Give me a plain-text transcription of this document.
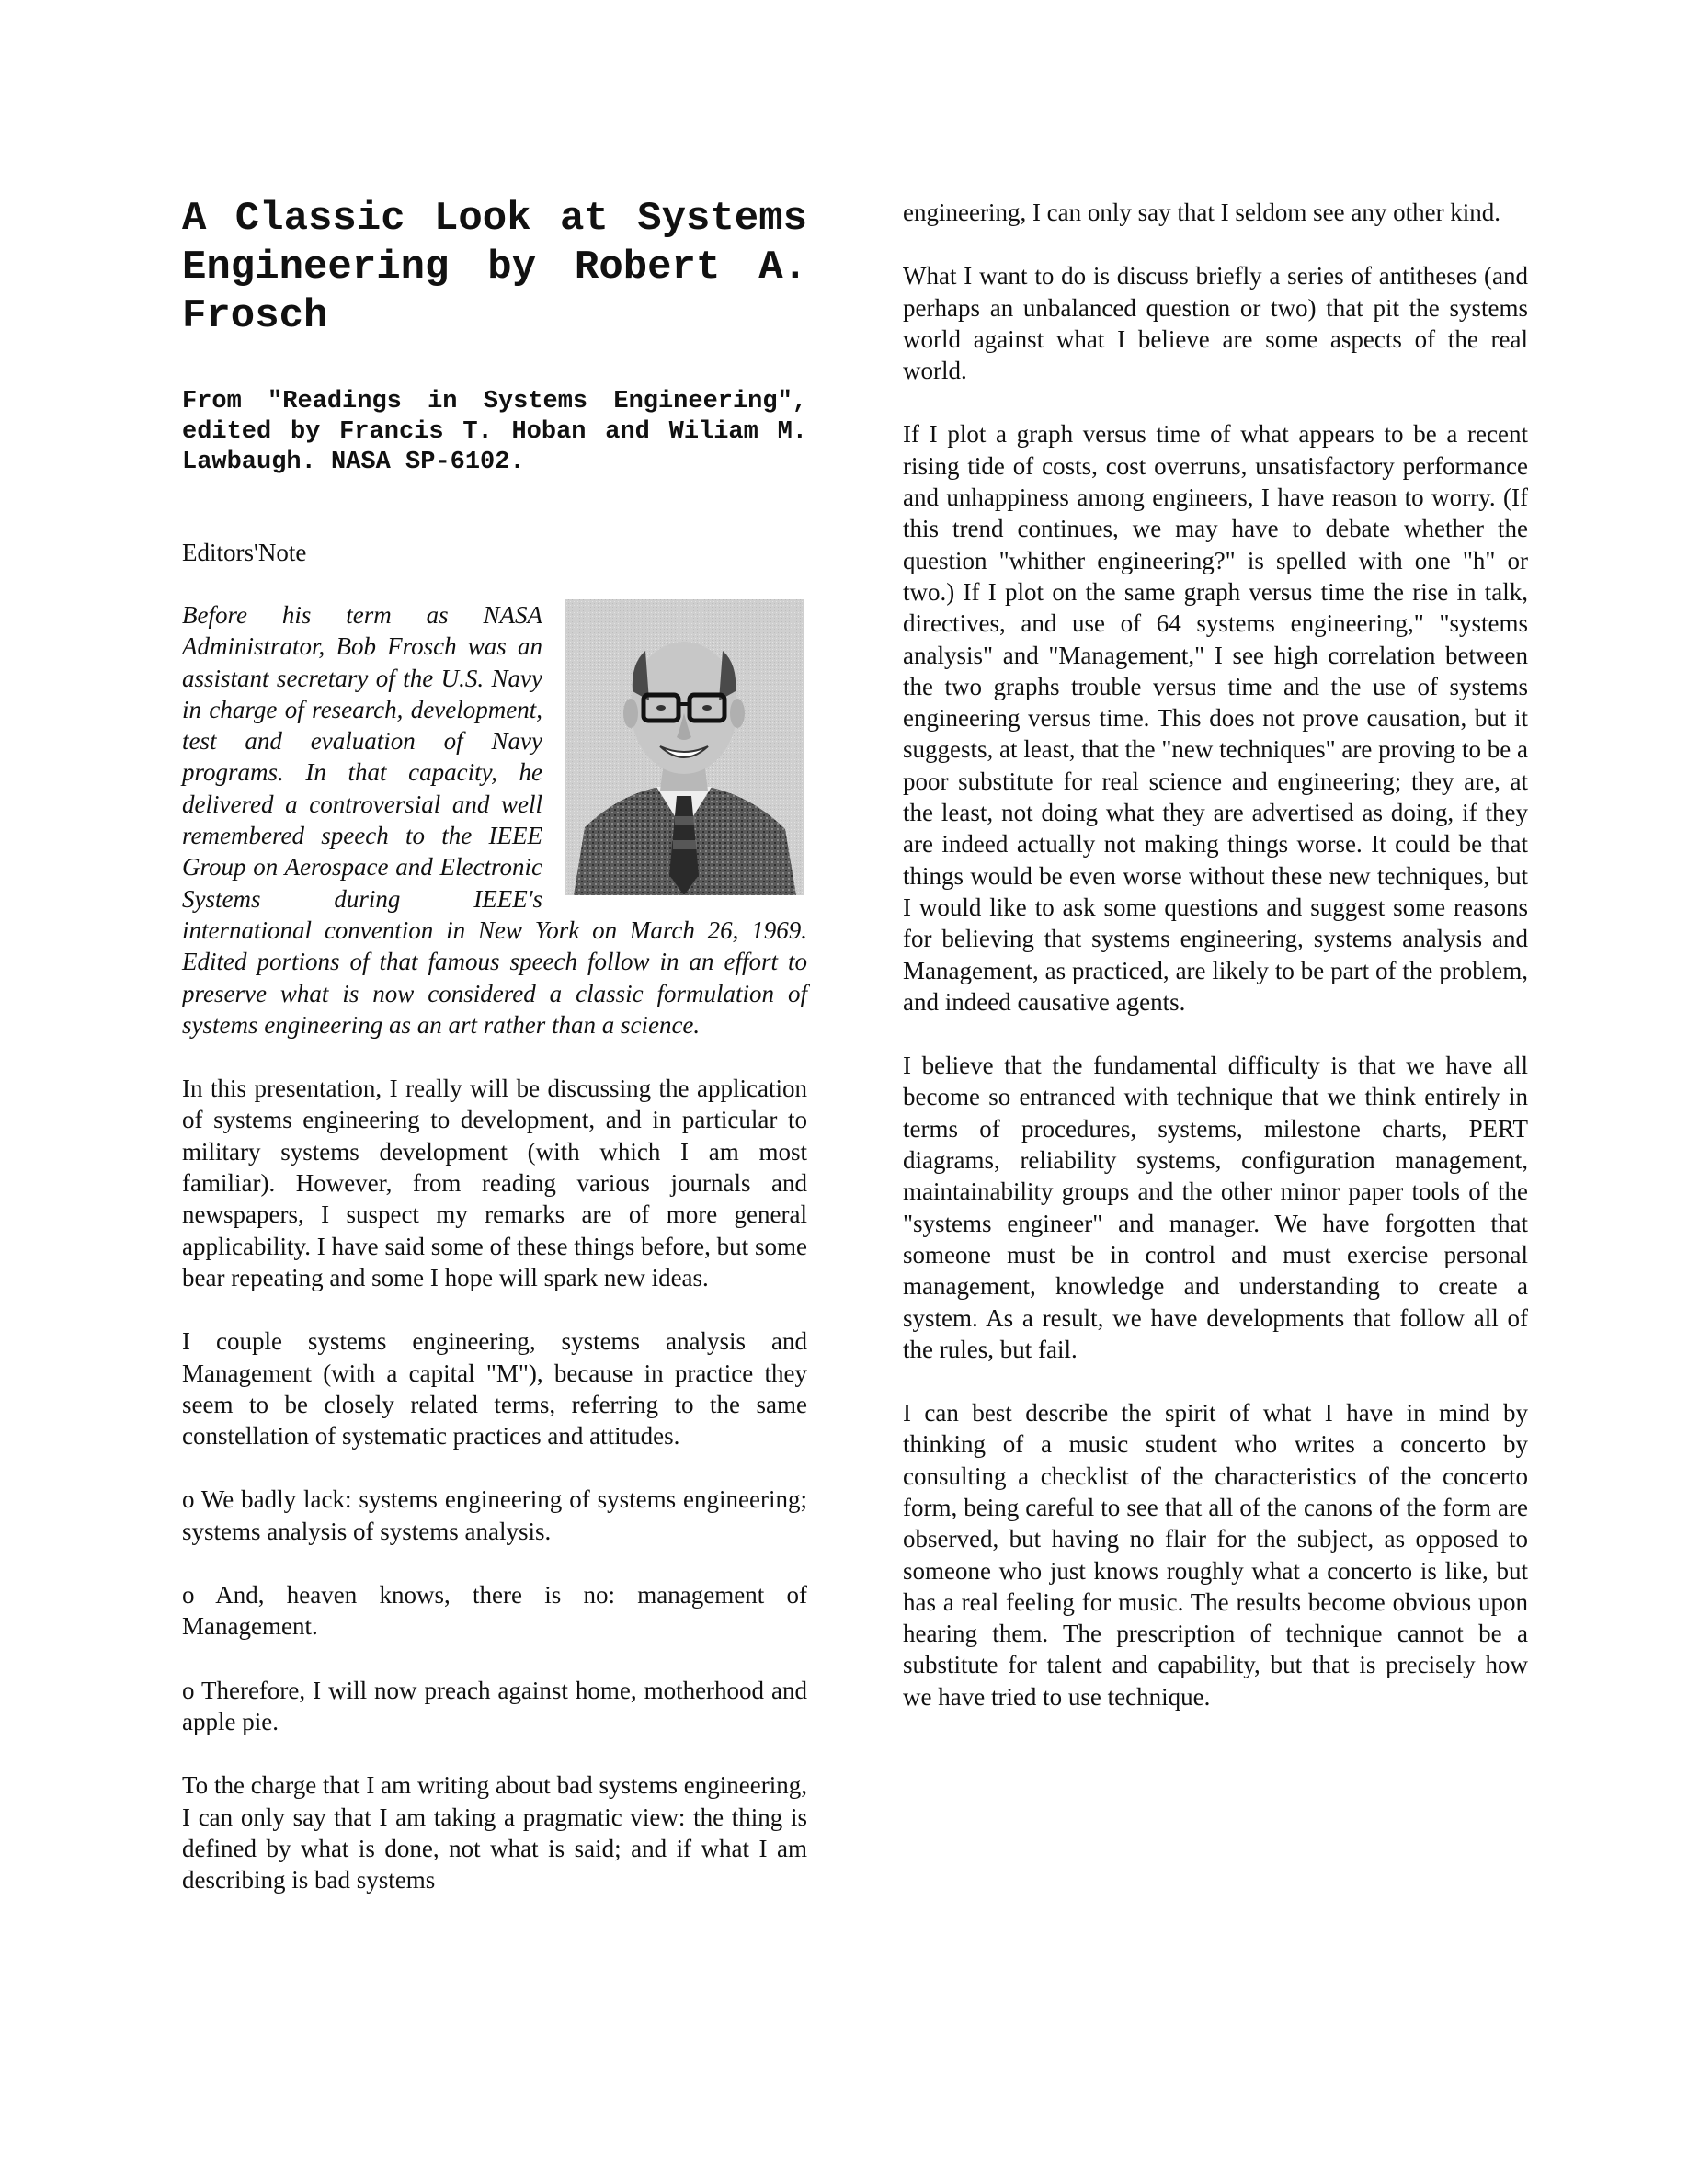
A Classic Look at Systems Engineering by Robert A. Frosch
From "Readings in Systems Engineering", edited by Francis T. Hoban and Wiliam M. Lawbaugh. NASA SP-6102.
Editors'Note

Before his term as NASA Administrator, Bob Frosch was an assistant secretary of the U.S. Navy in charge of research, development, test and evaluation of Navy programs. In that capacity, he delivered a controversial and well remembered speech to the IEEE Group on Aerospace and Electronic Systems during IEEE's international convention in New York on March 26, 1969. Edited portions of that famous speech follow in an effort to preserve what is now considered a classic formulation of systems engineering as an art rather than a science.

In this presentation, I really will be discussing the application of systems engineering to development, and in particular to military systems development (with which I am most familiar). However, from reading various journals and newspapers, I suspect my remarks are of more general applicability. I have said some of these things before, but some bear repeating and some I hope will spark new ideas.

I couple systems engineering, systems analysis and Management (with a capital "M"), because in practice they seem to be closely related terms, referring to the same constellation of systematic practices and attitudes.

o We badly lack: systems engineering of systems engineering; systems analysis of systems analysis.

o And, heaven knows, there is no: management of Management.

o Therefore, I will now preach against home, motherhood and apple pie.

To the charge that I am writing about bad systems engineering, I can only say that I am taking a pragmatic view: the thing is defined by what is done, not what is said; and if what I am describing is bad systems

engineering, I can only say that I seldom see any other kind.

What I want to do is discuss briefly a series of antitheses (and perhaps an unbalanced question or two) that pit the systems world against what I believe are some aspects of the real world.

If I plot a graph versus time of what appears to be a recent rising tide of costs, cost overruns, unsatisfactory performance and unhappiness among engineers, I have reason to worry. (If this trend continues, we may have to debate whether the question "whither engineering?" is spelled with one "h" or two.) If I plot on the same graph versus time the rise in talk, directives, and use of 64 systems engineering," "systems analysis" and "Management," I see high correlation between the two graphs trouble versus time and the use of systems engineering versus time. This does not prove causation, but it suggests, at least, that the "new techniques" are proving to be a poor substitute for real science and engineering; they are, at the least, not doing what they are advertised as doing, if they are indeed actually not making things worse. It could be that things would be even worse without these new techniques, but I would like to ask some questions and suggest some reasons for believing that systems engineering, systems analysis and Management, as practiced, are likely to be part of the problem, and indeed causative agents.

I believe that the fundamental difficulty is that we have all become so entranced with technique that we think entirely in terms of procedures, systems, milestone charts, PERT diagrams, reliability systems, configuration management, maintainability groups and the other minor paper tools of the "systems engineer" and manager. We have forgotten that someone must be in control and must exercise personal management, knowledge and understanding to create a system. As a result, we have developments that follow all of the rules, but fail.

I can best describe the spirit of what I have in mind by thinking of a music student who writes a concerto by consulting a checklist of the characteristics of the concerto form, being careful to see that all of the canons of the form are observed, but having no flair for the subject, as opposed to someone who just knows roughly what a concerto is like, but has a real feeling for music. The results become obvious upon hearing them. The prescription of technique cannot be a substitute for talent and capability, but that is precisely how we have tried to use technique.
